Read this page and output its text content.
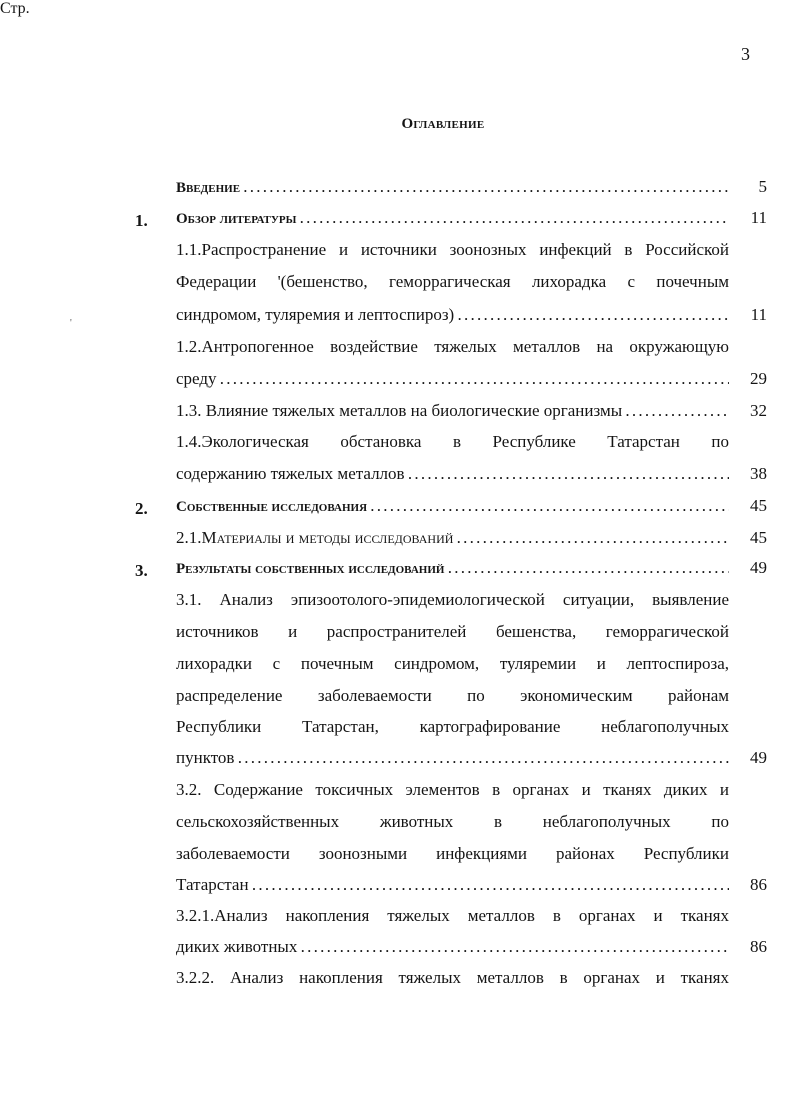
3
Оглавление
Стр.
'
Введение . . .	5
1. Обзор литературы . . .	11
1.1.Распространение и источники зоонозных инфекций в Российской
Федерации '(бешенство, геморрагическая лихорадка с почечным
синдромом, туляремия и лептоспироз) . . .	11
1.2.Антропогенное воздействие тяжелых металлов на окружающую
среду . . .	29
1.3. Влияние тяжелых металлов на биологические организмы . . .	32
1.4.Экологическая обстановка в Республике Татарстан по
содержанию тяжелых металлов . . .	38
2. Собственные исследования . . .	45
2.1.Материалы и методы исследований . . .	45
3. Результаты собственных исследований . . .	49
3.1. Анализ эпизоотолого-эпидемиологической ситуации, выявление
источников и распространителей бешенства, геморрагической
лихорадки с почечным синдромом, туляремии и лептоспироза,
распределение заболеваемости по экономическим районам
Республики Татарстан, картографирование неблагополучных
пунктов . . .	49
3.2. Содержание токсичных элементов в органах и тканях диких и
сельскохозяйственных животных в неблагополучных по
заболеваемости зоонозными инфекциями районах Республики
Татарстан . . .	86
3.2.1.Анализ накопления тяжелых металлов в органах и тканях
диких животных . . .	86
3.2.2. Анализ накопления тяжелых металлов в органах и тканях
